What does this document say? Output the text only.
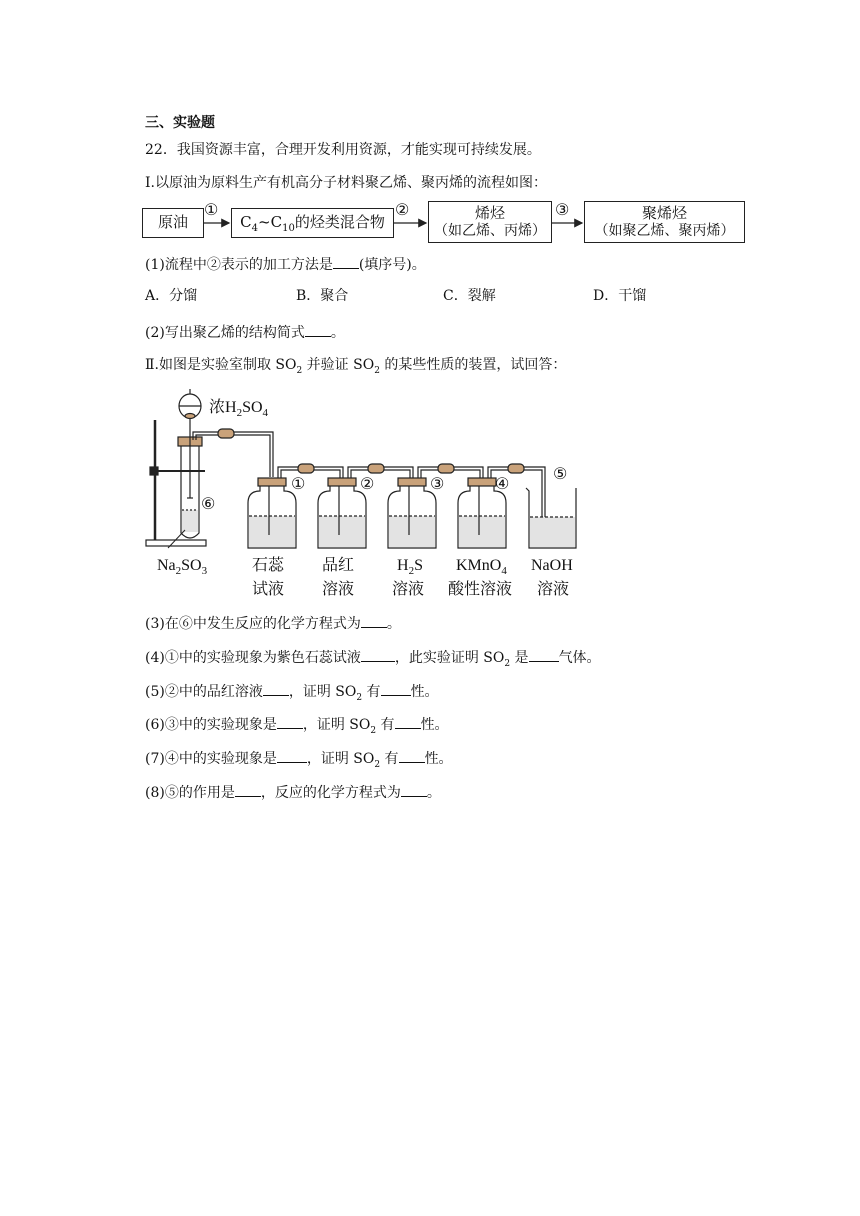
三、实验题
22．我国资源丰富，合理开发利用资源，才能实现可持续发展。
Ⅰ.以原油为原料生产有机高分子材料聚乙烯、聚丙烯的流程如图：
原油
①
$C_4\sim C_{10}$的烃类混合物
②	烯烃
（如乙烯、丙烯）
③	聚烯烃
（如聚乙烯、聚丙烯）
(1)流程中②表示的加工方法是 (填序号)。
A．分馏	B．聚合	C．裂解	D．干馏
(2)写出聚乙烯的结构简式 。
Ⅱ.如图是实验室制取 $SO_2$ 并验证 $SO_2$ 的某些性质的装置，试回答：
浓$H_2SO_4$
⑥
①	②	③	④
⑤
$Na_2SO_3$	石蕊
试液
品红
溶液
$H_2S$
溶液
KMnO$_4$
酸性溶液
NaOH
溶液
(3)在⑥中发生反应的化学方程式为 。
(4)①中的实验现象为紫色石蕊试液 ，此实验证明 $SO_2$ 是 气体。
(5)②中的品红溶液 ，证明 $SO_2$ 有 性。
(6)③中的实验现象是 ，证明 $SO_2$ 有 性。
(7)④中的实验现象是 ，证明 $SO_2$ 有 性。
(8)⑤的作用是 ，反应的化学方程式为 。
